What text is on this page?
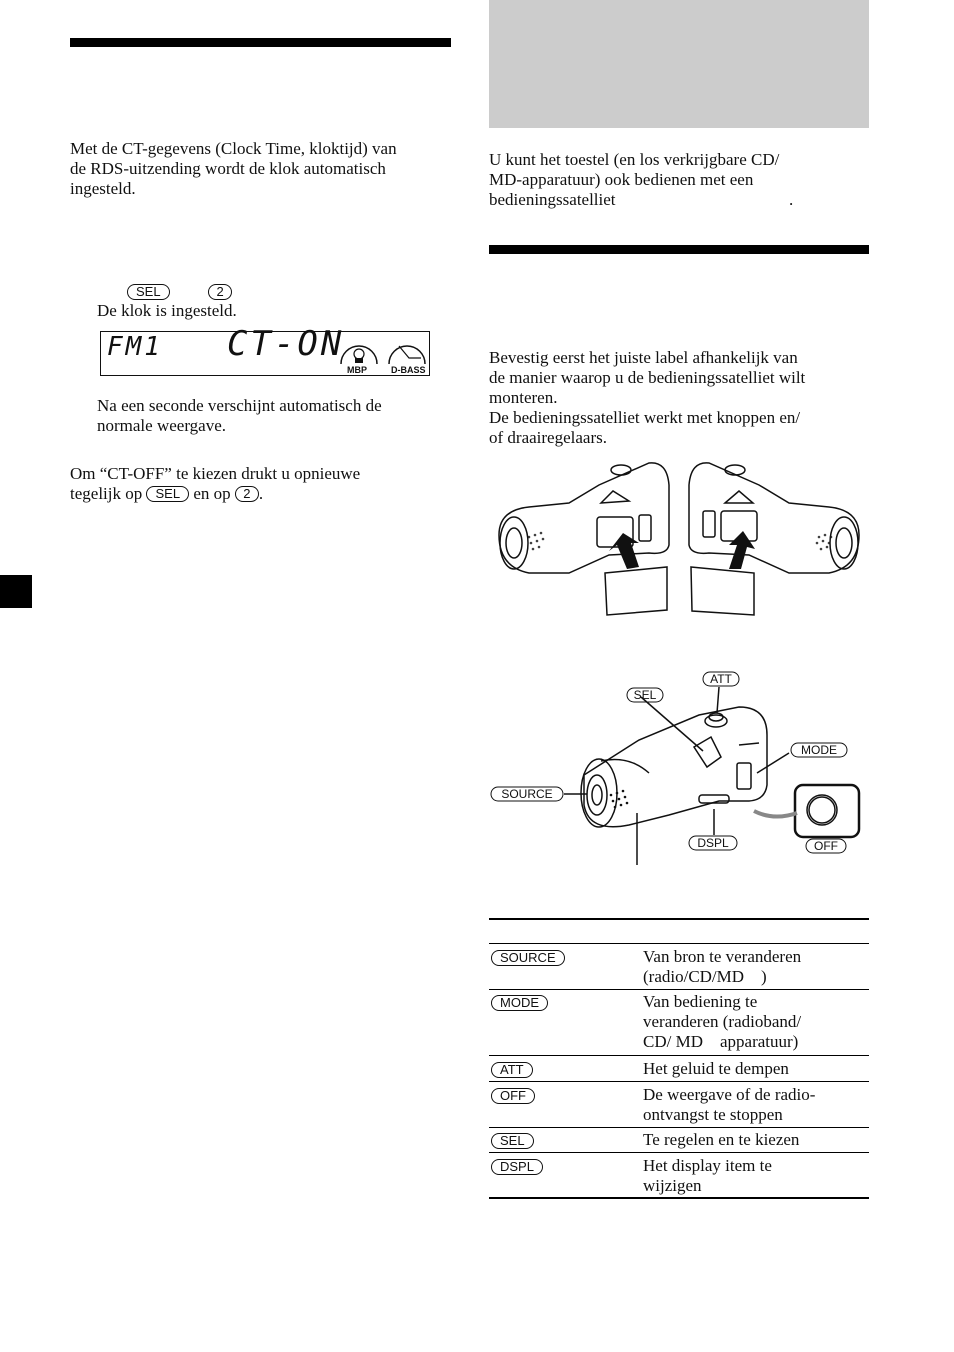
Met de CT-gegevens (Clock Time, kloktijd) van
de RDS-uitzending wordt de klok automatisch
ingesteld.

SEL	2

De klok is ingesteld.

FM1 CT-ON
MBP	D-BASS

Na een seconde verschijnt automatisch de
normale weergave.

Om “CT-OFF” te kiezen drukt u opnieuwe

tegelijk op SEL en op 2 .

U kunt het toestel (en los verkrijgbare CD/
MD-apparatuur) ook bedienen met een
bedieningssatelliet	.

Bevestig eerst het juiste label afhankelijk van
de manier waarop u de bedieningssatelliet wilt
monteren.
De bedieningssatelliet werkt met knoppen en/
of draairegelaars.

SEL
ATT
MODE
SOURCE
DSPL	OFF
SOURCE	Van bron te veranderen
(radio/CD/MD )

MODE	Van bediening te
veranderen (radioband/
CD/ MD apparatuur)

ATT	Het geluid te dempen

OFF	De weergave of de radio-
ontvangst te stoppen

SEL	Te regelen en te kiezen

DSPL	Het display item te
wijzigen
